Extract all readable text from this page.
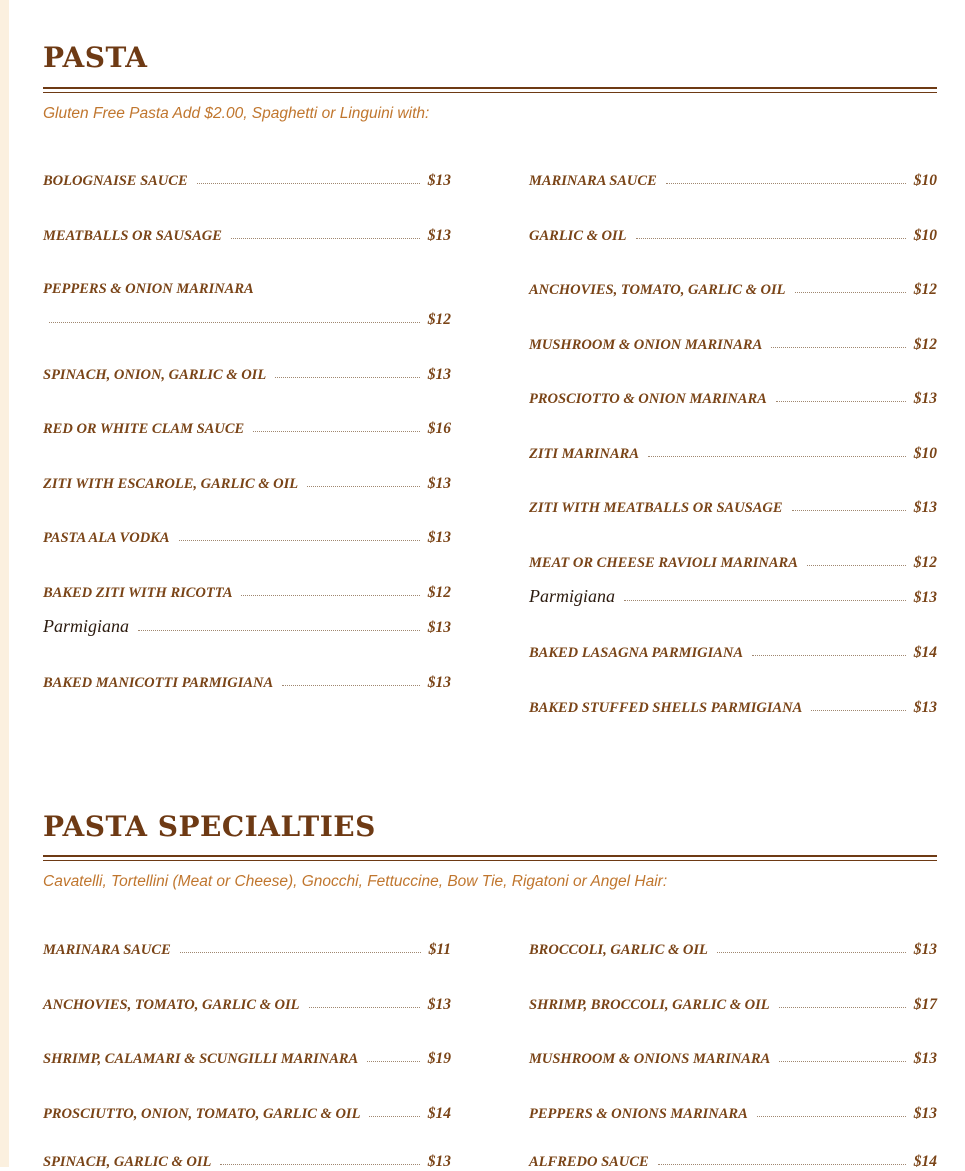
PASTA
Gluten Free Pasta Add $2.00, Spaghetti or Linguini with:
BOLOGNAISE SAUCE	$13
MEATBALLS OR SAUSAGE	$13
PEPPERS & ONION MARINARA
$12
SPINACH, ONION, GARLIC & OIL	$13
RED OR WHITE CLAM SAUCE	$16
ZITI WITH ESCAROLE, GARLIC & OIL	$13
PASTA ALA VODKA	$13
BAKED ZITI WITH RICOTTA	$12
Parmigiana	$13
BAKED MANICOTTI PARMIGIANA	$13
MARINARA SAUCE	$10
GARLIC & OIL	$10
ANCHOVIES, TOMATO, GARLIC & OIL	$12
MUSHROOM & ONION MARINARA	$12
PROSCIOTTO & ONION MARINARA	$13
ZITI MARINARA	$10
ZITI WITH MEATBALLS OR SAUSAGE	$13
MEAT OR CHEESE RAVIOLI MARINARA	$12
Parmigiana	$13
BAKED LASAGNA PARMIGIANA	$14
BAKED STUFFED SHELLS PARMIGIANA	$13
PASTA SPECIALTIES
Cavatelli, Tortellini (Meat or Cheese), Gnocchi, Fettuccine, Bow Tie, Rigatoni or Angel Hair:
MARINARA SAUCE	$11
ANCHOVIES, TOMATO, GARLIC & OIL	$13
SHRIMP, CALAMARI & SCUNGILLI MARINARA	$19
PROSCIUTTO, ONION, TOMATO, GARLIC & OIL	$14
SPINACH, GARLIC & OIL	$13
BROCCOLI, GARLIC & OIL	$13
SHRIMP, BROCCOLI, GARLIC & OIL	$17
MUSHROOM & ONIONS MARINARA	$13
PEPPERS & ONIONS MARINARA	$13
ALFREDO SAUCE	$14
